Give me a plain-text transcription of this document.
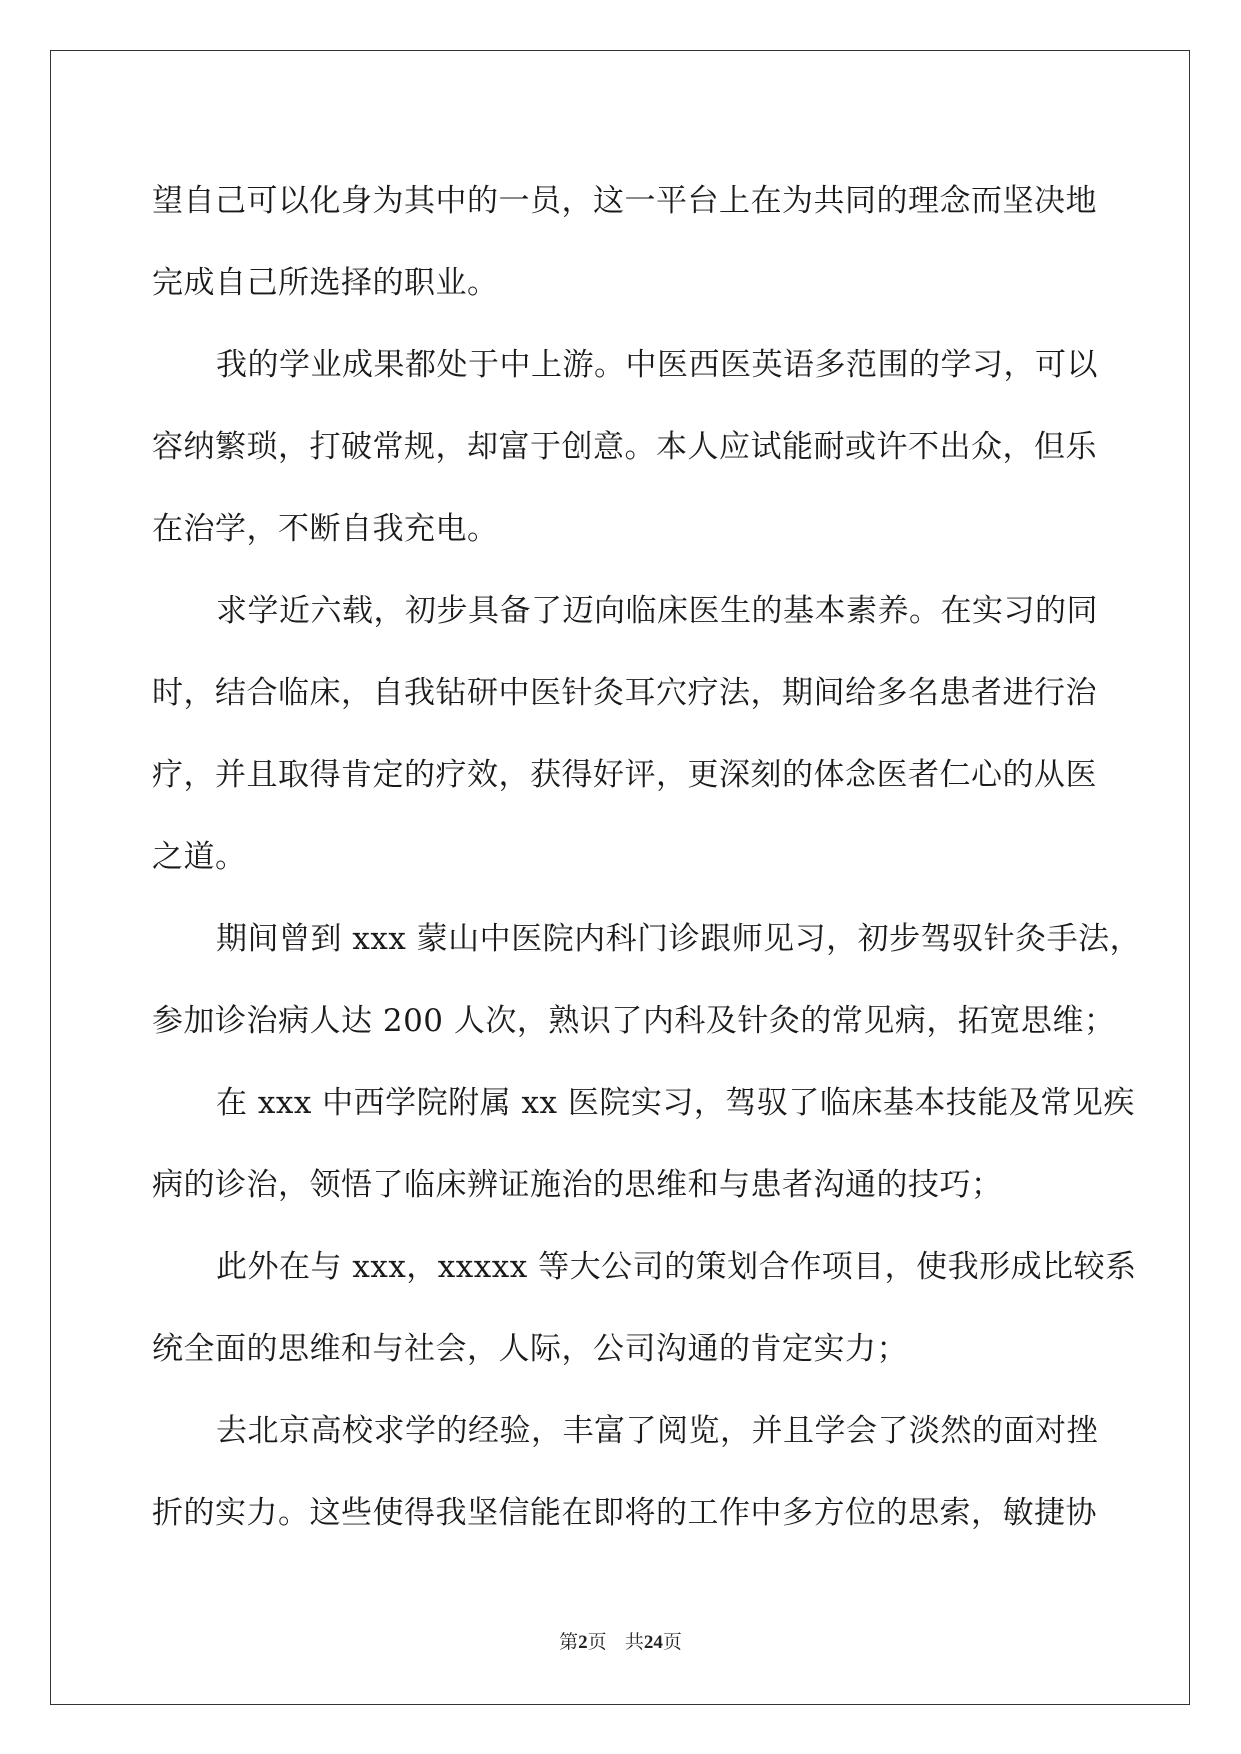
望自己可以化身为其中的一员，这一平台上在为共同的理念而坚决地
完成自己所选择的职业。
我的学业成果都处于中上游。中医西医英语多范围的学习，可以
容纳繁琐，打破常规，却富于创意。本人应试能耐或许不出众，但乐
在治学，不断自我充电。
求学近六载，初步具备了迈向临床医生的基本素养。在实习的同
时，结合临床，自我钻研中医针灸耳穴疗法，期间给多名患者进行治
疗，并且取得肯定的疗效，获得好评，更深刻的体念医者仁心的从医
之道。
期间曾到 xxx 蒙山中医院内科门诊跟师见习，初步驾驭针灸手法，
参加诊治病人达 200 人次，熟识了内科及针灸的常见病，拓宽思维；
在 xxx 中西学院附属 xx 医院实习，驾驭了临床基本技能及常见疾
病的诊治，领悟了临床辨证施治的思维和与患者沟通的技巧；
此外在与 xxx，xxxxx 等大公司的策划合作项目，使我形成比较系
统全面的思维和与社会，人际，公司沟通的肯定实力；
去北京高校求学的经验，丰富了阅览，并且学会了淡然的面对挫
折的实力。这些使得我坚信能在即将的工作中多方位的思索，敏捷协
第2页 共24页
